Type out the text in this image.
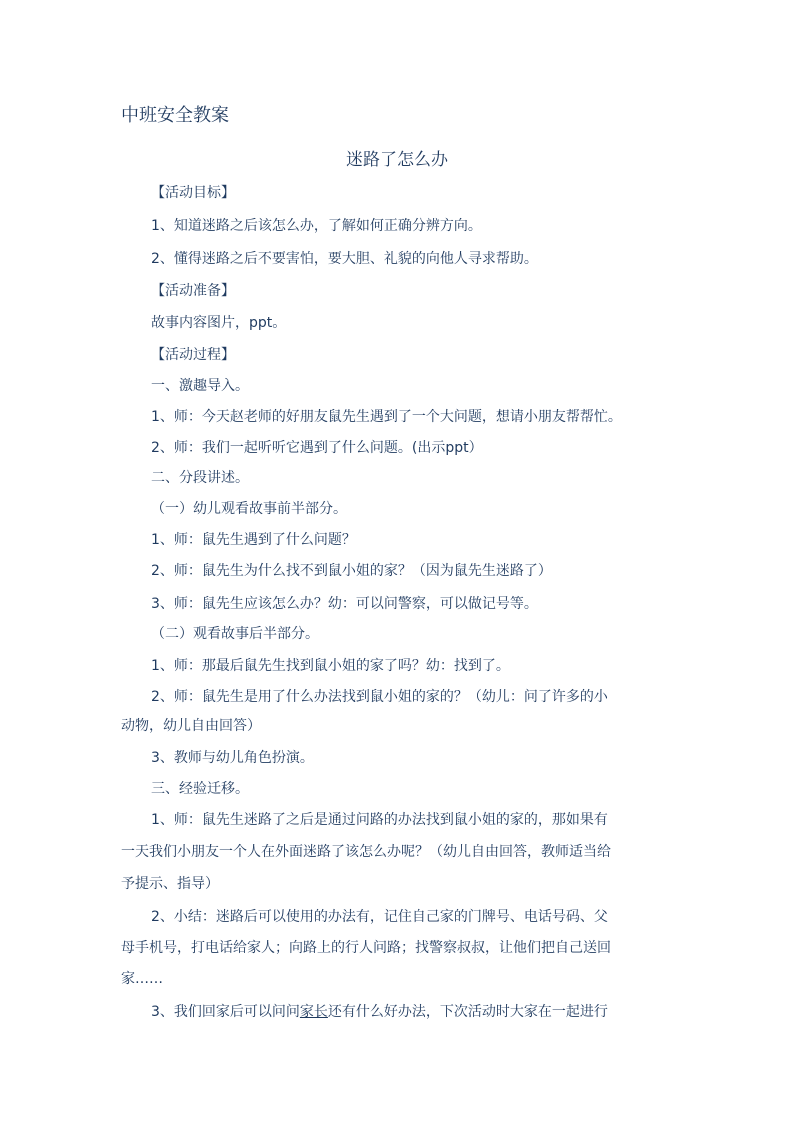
中班安全教案
迷路了怎么办
【活动目标】
1、知道迷路之后该怎么办，了解如何正确分辨方向。
2、懂得迷路之后不要害怕，要大胆、礼貌的向他人寻求帮助。
【活动准备】
故事内容图片，ppt。
【活动过程】
一、激趣导入。
1、师：今天赵老师的好朋友鼠先生遇到了一个大问题，想请小朋友帮帮忙。
2、师：我们一起听听它遇到了什么问题。(出示ppt）
二、分段讲述。
（一）幼儿观看故事前半部分。
1、师：鼠先生遇到了什么问题？
2、师：鼠先生为什么找不到鼠小姐的家？（因为鼠先生迷路了）
3、师：鼠先生应该怎么办？幼：可以问警察，可以做记号等。
（二）观看故事后半部分。
1、师：那最后鼠先生找到鼠小姐的家了吗？幼：找到了。
2、师：鼠先生是用了什么办法找到鼠小姐的家的？（幼儿：问了许多的小
动物，幼儿自由回答）
3、教师与幼儿角色扮演。
三、经验迁移。
1、师：鼠先生迷路了之后是通过问路的办法找到鼠小姐的家的，那如果有
一天我们小朋友一个人在外面迷路了该怎么办呢？（幼儿自由回答，教师适当给
予提示、指导）
2、小结：迷路后可以使用的办法有，记住自己家的门牌号、电话号码、父
母手机号，打电话给家人；向路上的行人问路；找警察叔叔，让他们把自己送回
家……
3、我们回家后可以问问家长还有什么好办法，下次活动时大家在一起进行
